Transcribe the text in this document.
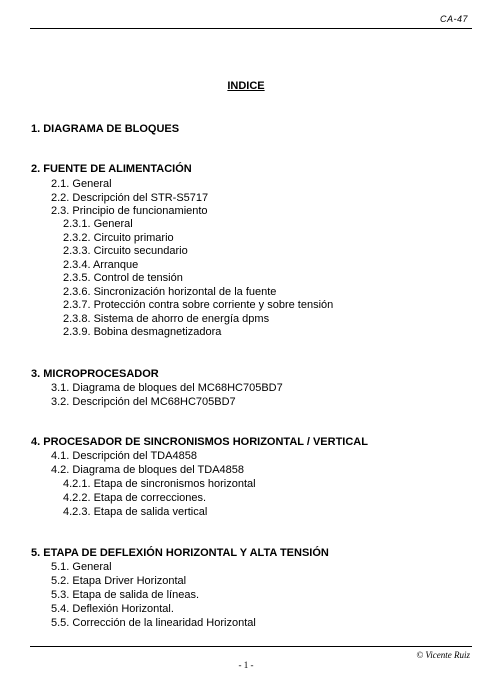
CA-47
INDICE
1. DIAGRAMA DE BLOQUES
2. FUENTE DE ALIMENTACIÓN
2.1. General
2.2. Descripción del STR-S5717
2.3. Principio de funcionamiento
2.3.1. General
2.3.2. Circuito primario
2.3.3. Circuito secundario
2.3.4. Arranque
2.3.5. Control de tensión
2.3.6. Sincronización horizontal de la fuente
2.3.7. Protección contra sobre corriente y sobre tensión
2.3.8. Sistema de ahorro de energía dpms
2.3.9. Bobina desmagnetizadora
3. MICROPROCESADOR
3.1. Diagrama de bloques del MC68HC705BD7
3.2. Descripción del MC68HC705BD7
4. PROCESADOR DE SINCRONISMOS HORIZONTAL / VERTICAL
4.1. Descripción del TDA4858
4.2. Diagrama de bloques del TDA4858
4.2.1. Etapa de sincronismos horizontal
4.2.2. Etapa de correcciones.
4.2.3. Etapa de salida vertical
5. ETAPA DE DEFLEXIÓN HORIZONTAL Y ALTA TENSIÓN
5.1. General
5.2. Etapa Driver Horizontal
5.3. Etapa de salida de líneas.
5.4. Deflexión Horizontal.
5.5. Corrección de la linearidad Horizontal
© Vicente Ruiz
- 1 -
